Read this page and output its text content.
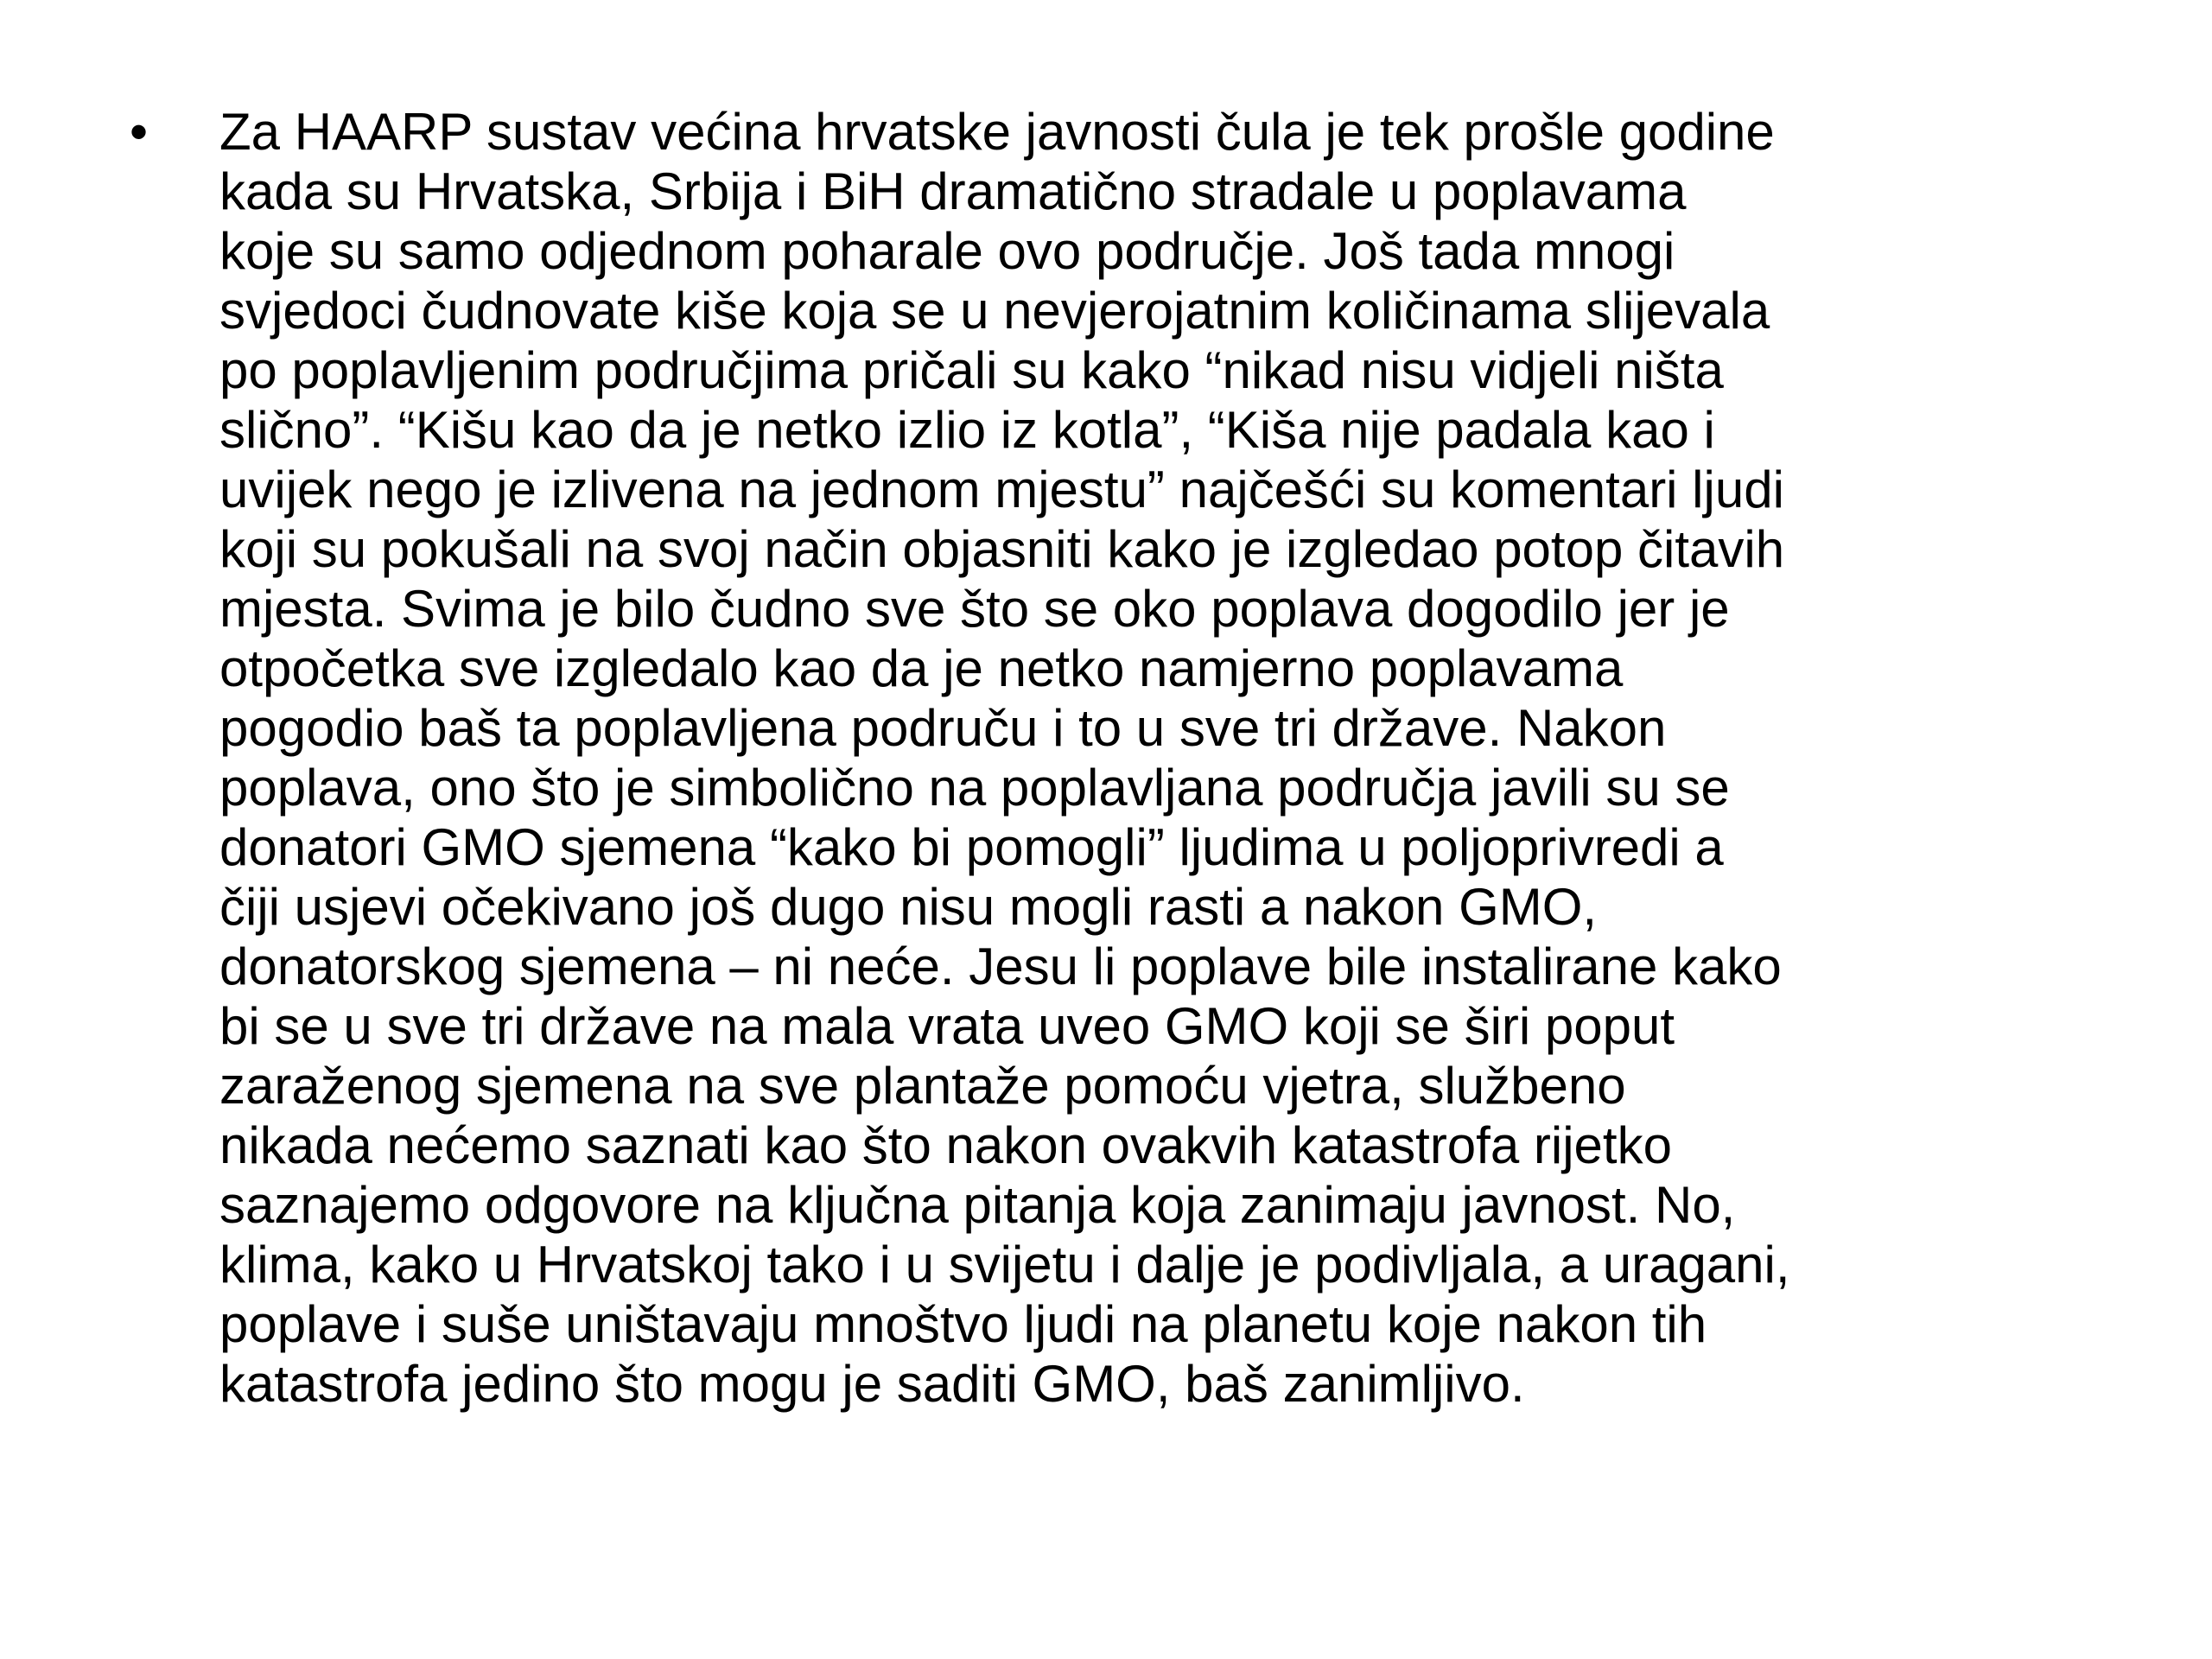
• Za HAARP sustav većina hrvatske javnosti čula je tek prošle godine
kada su Hrvatska, Srbija i BiH dramatično stradale u poplavama
koje su samo odjednom poharale ovo područje. Još tada mnogi
svjedoci čudnovate kiše koja se u nevjerojatnim količinama slijevala
po poplavljenim područjima pričali su kako “nikad nisu vidjeli ništa
slično”. “Kišu kao da je netko izlio iz kotla”, “Kiša nije padala kao i
uvijek nego je izlivena na jednom mjestu” najčešći su komentari ljudi
koji su pokušali na svoj način objasniti kako je izgledao potop čitavih
mjesta. Svima je bilo čudno sve što se oko poplava dogodilo jer je
otpočetka sve izgledalo kao da je netko namjerno poplavama
pogodio baš ta poplavljena područu i to u sve tri države. Nakon
poplava, ono što je simbolično na poplavljana područja javili su se
donatori GMO sjemena “kako bi pomogli” ljudima u poljoprivredi a
čiji usjevi očekivano još dugo nisu mogli rasti a nakon GMO,
donatorskog sjemena – ni neće. Jesu li poplave bile instalirane kako
bi se u sve tri države na mala vrata uveo GMO koji se širi poput
zaraženog sjemena na sve plantaže pomoću vjetra, službeno
nikada nećemo saznati kao što nakon ovakvih katastrofa rijetko
saznajemo odgovore na ključna pitanja koja zanimaju javnost. No,
klima, kako u Hrvatskoj tako i u svijetu i dalje je podivljala, a uragani,
poplave i suše uništavaju mnoštvo ljudi na planetu koje nakon tih
katastrofa jedino što mogu je saditi GMO, baš zanimljivo.
